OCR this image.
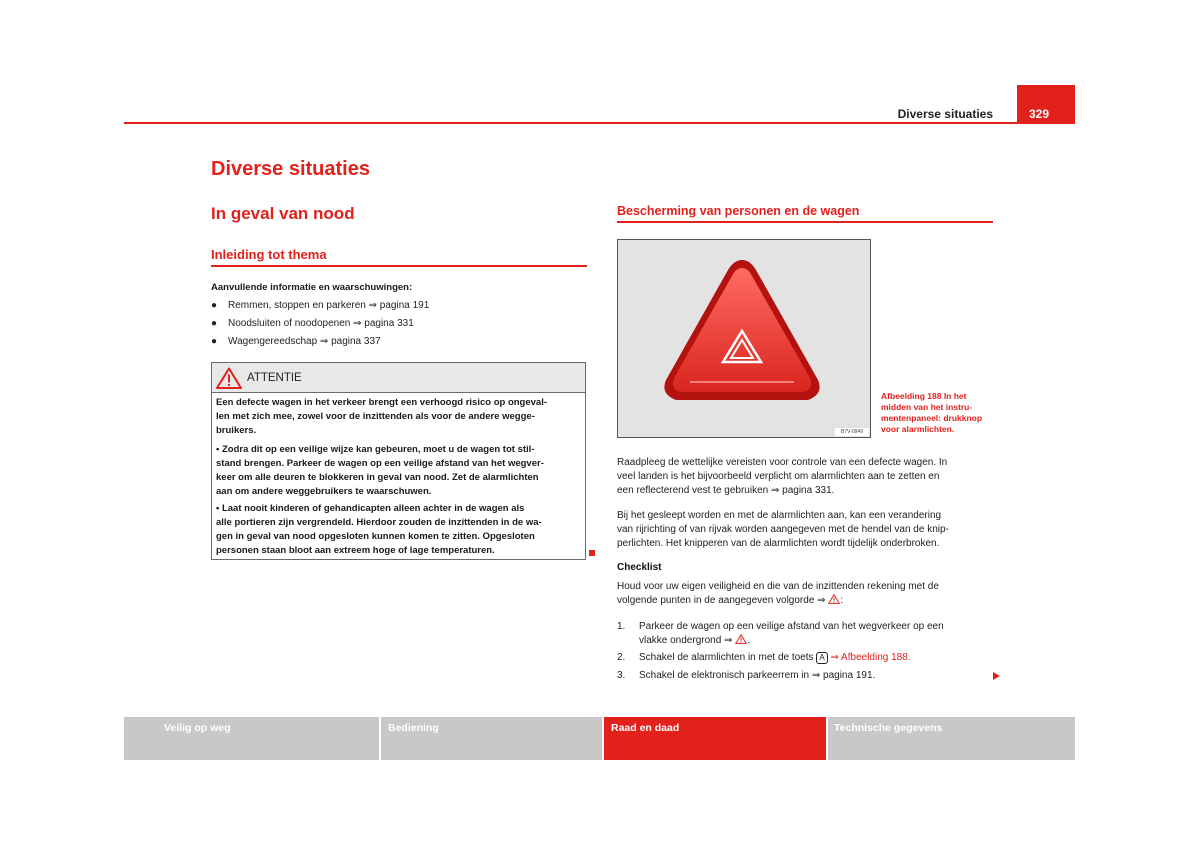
Diverse situaties	329
Diverse situaties
In geval van nood
Inleiding tot thema
Aanvullende informatie en waarschuwingen:
● Remmen, stoppen en parkeren ⇒ pagina 191
● Noodsluiten of noodopenen ⇒ pagina 331
● Wagengereedschap ⇒ pagina 337
ATTENTIE
Een defecte wagen in het verkeer brengt een verhoogd risico op ongeval-
len met zich mee, zowel voor de inzittenden als voor de andere wegge-
bruikers.
• Zodra dit op een veilige wijze kan gebeuren, moet u de wagen tot stil-
stand brengen. Parkeer de wagen op een veilige afstand van het wegver-
keer om alle deuren te blokkeren in geval van nood. Zet de alarmlichten
aan om andere weggebruikers te waarschuwen.
• Laat nooit kinderen of gehandicapten alleen achter in de wagen als
alle portieren zijn vergrendeld. Hierdoor zouden de inzittenden in de wa-
gen in geval van nood opgesloten kunnen komen te zitten. Opgesloten
personen staan bloot aan extreem hoge of lage temperaturen.
Bescherming van personen en de wagen
B7V-0949
Afbeelding 188 In het
midden van het instru-
mentenpaneel: drukknop
voor alarmlichten.
Raadpleeg de wettelijke vereisten voor controle van een defecte wagen. In
veel landen is het bijvoorbeeld verplicht om alarmlichten aan te zetten en
een reflecterend vest te gebruiken ⇒ pagina 331.
Bij het gesleept worden en met de alarmlichten aan, kan een verandering
van rijrichting of van rijvak worden aangegeven met de hendel van de knip-
perlichten. Het knipperen van de alarmlichten wordt tijdelijk onderbroken.
Checklist
Houd voor uw eigen veiligheid en die van de inzittenden rekening met de
volgende punten in de aangegeven volgorde ⇒ :
1. Parkeer de wagen op een veilige afstand van het wegverkeer op een
vlakke ondergrond ⇒ .
2. Schakel de alarmlichten in met de toets A ⇒ Afbeelding 188.
3. Schakel de elektronisch parkeerrem in ⇒ pagina 191.
Veilig op weg	Bediening	Raad en daad	Technische gegevens
